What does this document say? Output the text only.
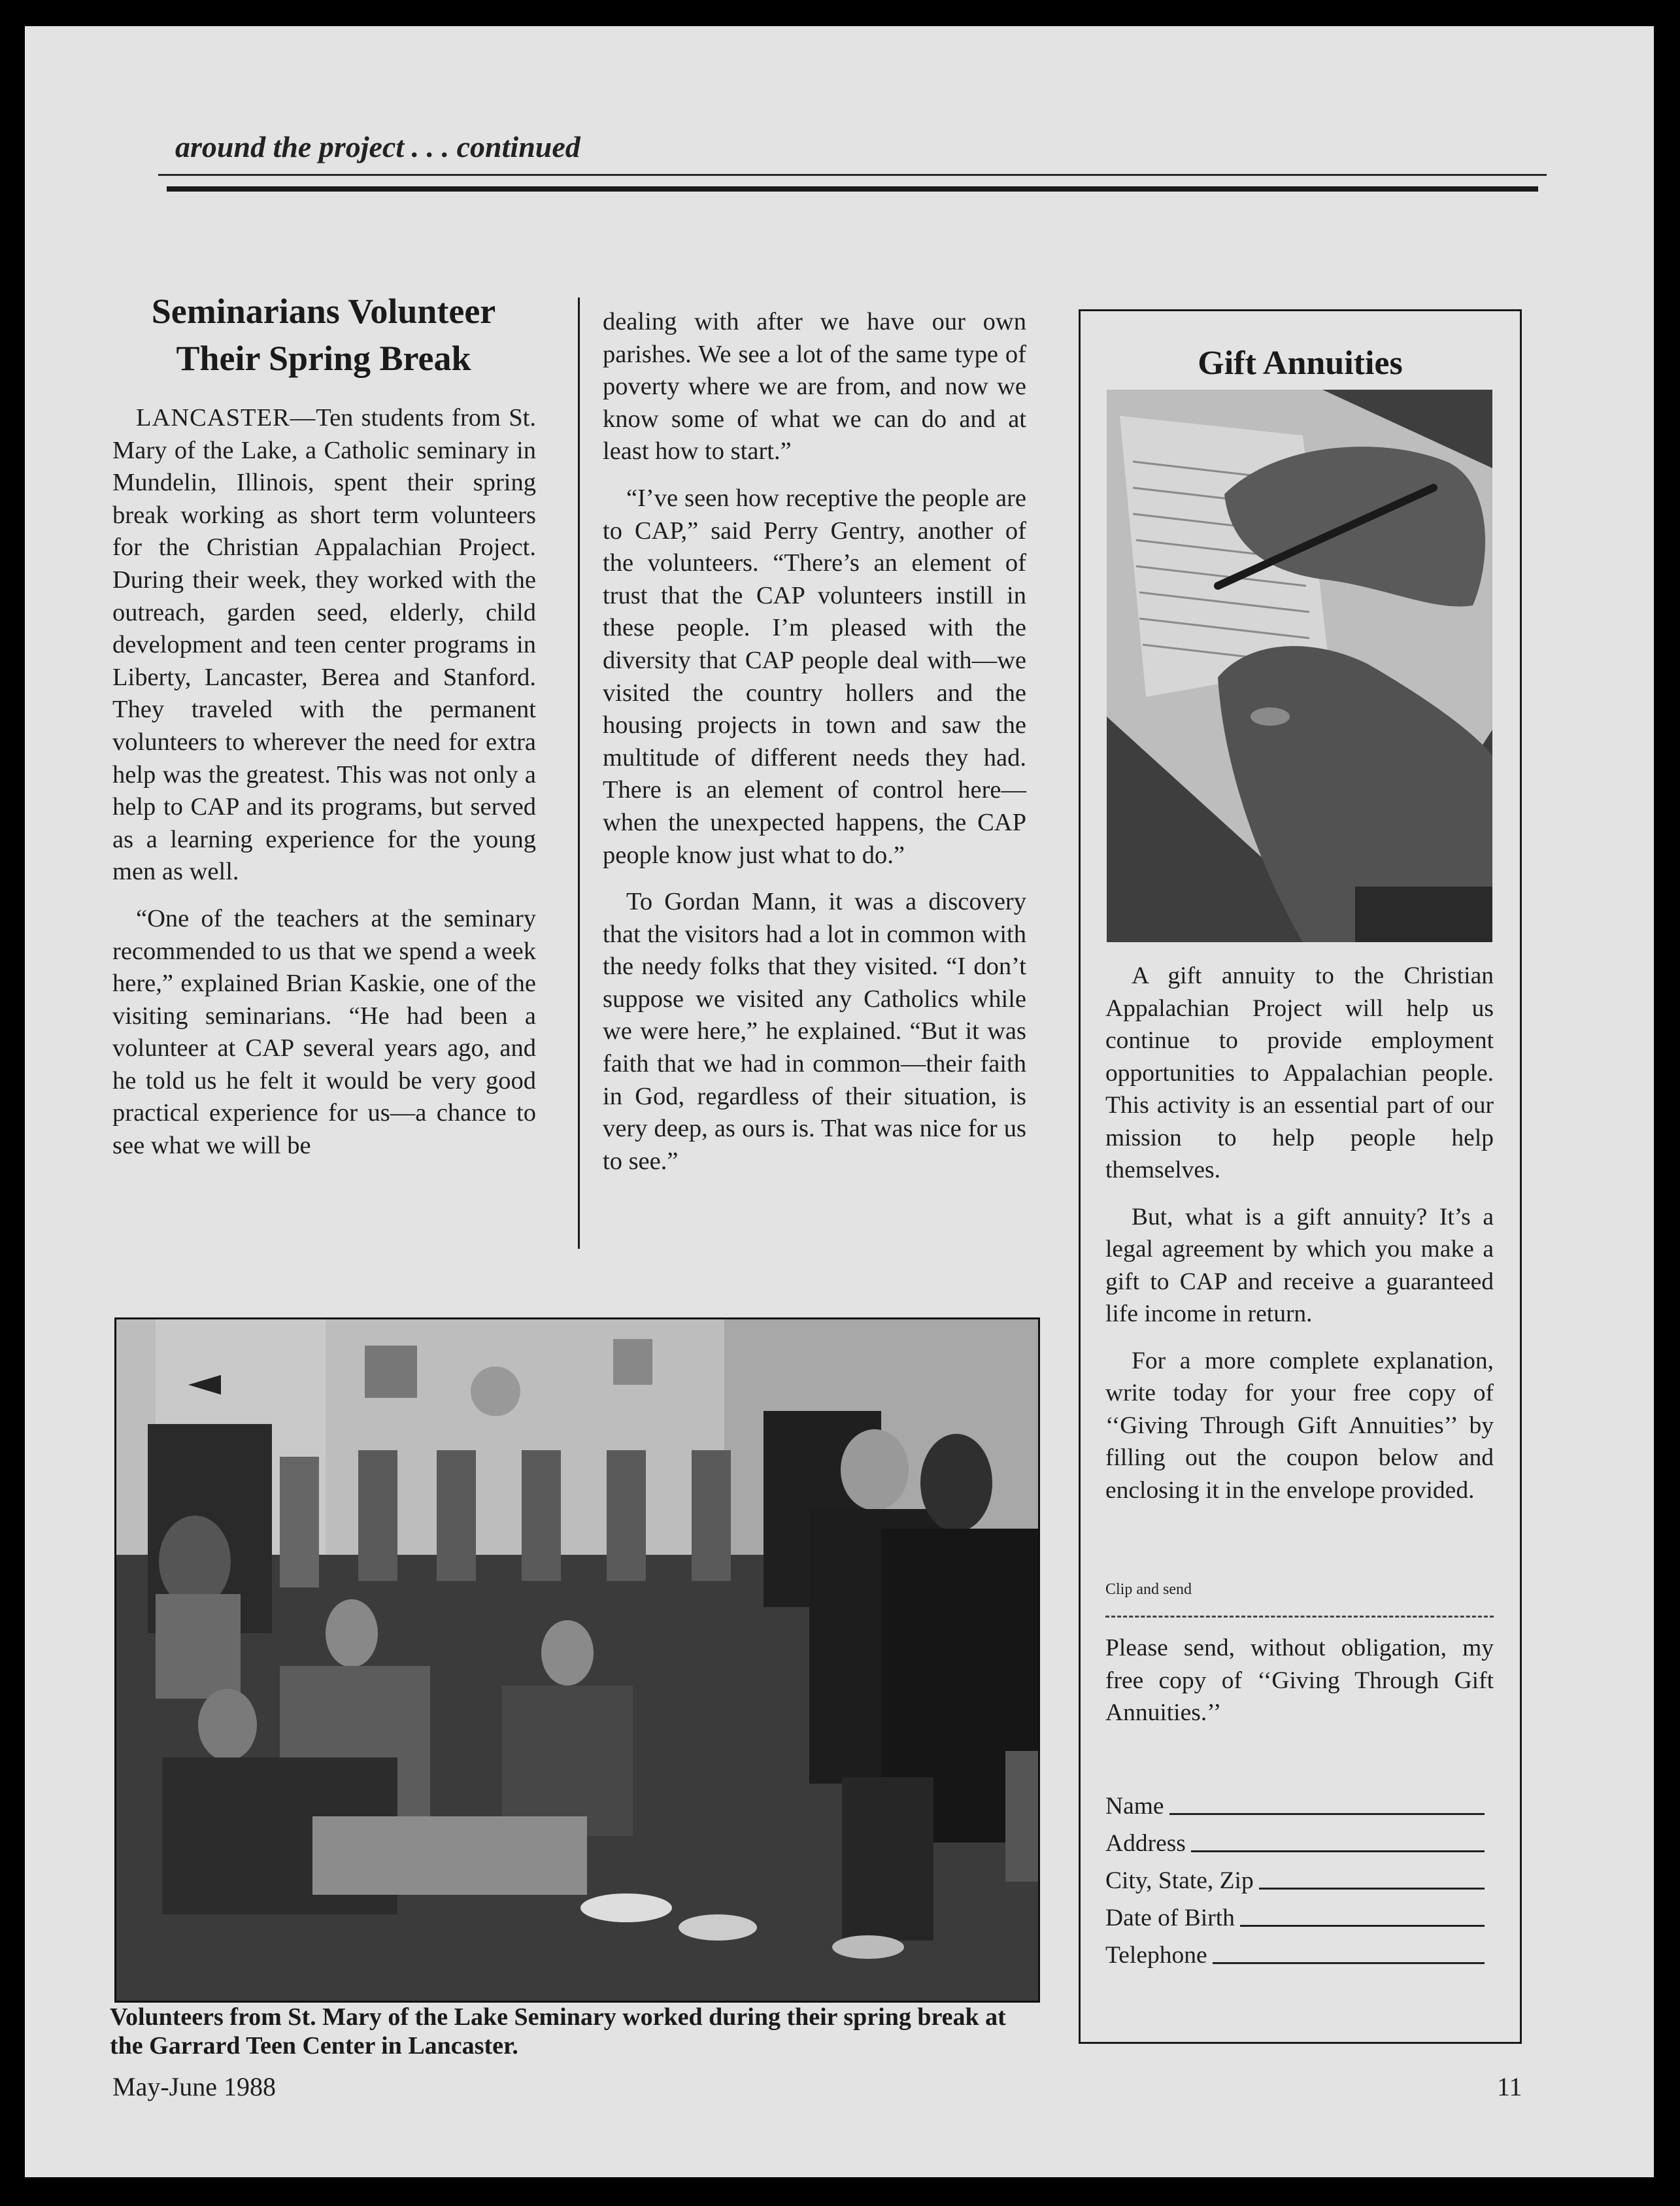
around the project . . . continued
Seminarians Volunteer Their Spring Break

LANCASTER—Ten students from St. Mary of the Lake, a Catholic seminary in Mundelin, Illinois, spent their spring break working as short term volunteers for the Christian Appalachian Project. During their week, they worked with the outreach, garden seed, elderly, child development and teen center programs in Liberty, Lancaster, Berea and Stanford. They traveled with the permanent volunteers to wherever the need for extra help was the greatest. This was not only a help to CAP and its programs, but served as a learning experience for the young men as well.

“One of the teachers at the seminary recommended to us that we spend a week here,” explained Brian Kaskie, one of the visiting seminarians. “He had been a volunteer at CAP several years ago, and he told us he felt it would be very good practical experience for us—a chance to see what we will be

dealing with after we have our own parishes. We see a lot of the same type of poverty where we are from, and now we know some of what we can do and at least how to start.”

“I’ve seen how receptive the people are to CAP,” said Perry Gentry, another of the volunteers. “There’s an element of trust that the CAP volunteers instill in these people. I’m pleased with the diversity that CAP people deal with—we visited the country hollers and the housing projects in town and saw the multitude of different needs they had. There is an element of control here—when the unexpected happens, the CAP people know just what to do.”

To Gordan Mann, it was a discovery that the visitors had a lot in common with the needy folks that they visited. “I don’t suppose we visited any Catholics while we were here,” he explained. “But it was faith that we had in common—their faith in God, regardless of their situation, is very deep, as ours is. That was nice for us to see.”

Volunteers from St. Mary of the Lake Seminary worked during their spring break at the Garrard Teen Center in Lancaster.
Gift Annuities

A gift annuity to the Christian Appalachian Project will help us continue to provide employment opportunities to Appalachian people. This activity is an essential part of our mission to help people help themselves.

But, what is a gift annuity? It’s a legal agreement by which you make a gift to CAP and receive a guaranteed life income in return.

For a more complete explanation, write today for your free copy of ‘‘Giving Through Gift Annuities’’ by filling out the coupon below and enclosing it in the envelope provided.

Clip and send

Please send, without obligation, my free copy of ‘‘Giving Through Gift Annuities.’’

Name
Address
City, State, Zip
Date of Birth
Telephone
May-June 1988	11
